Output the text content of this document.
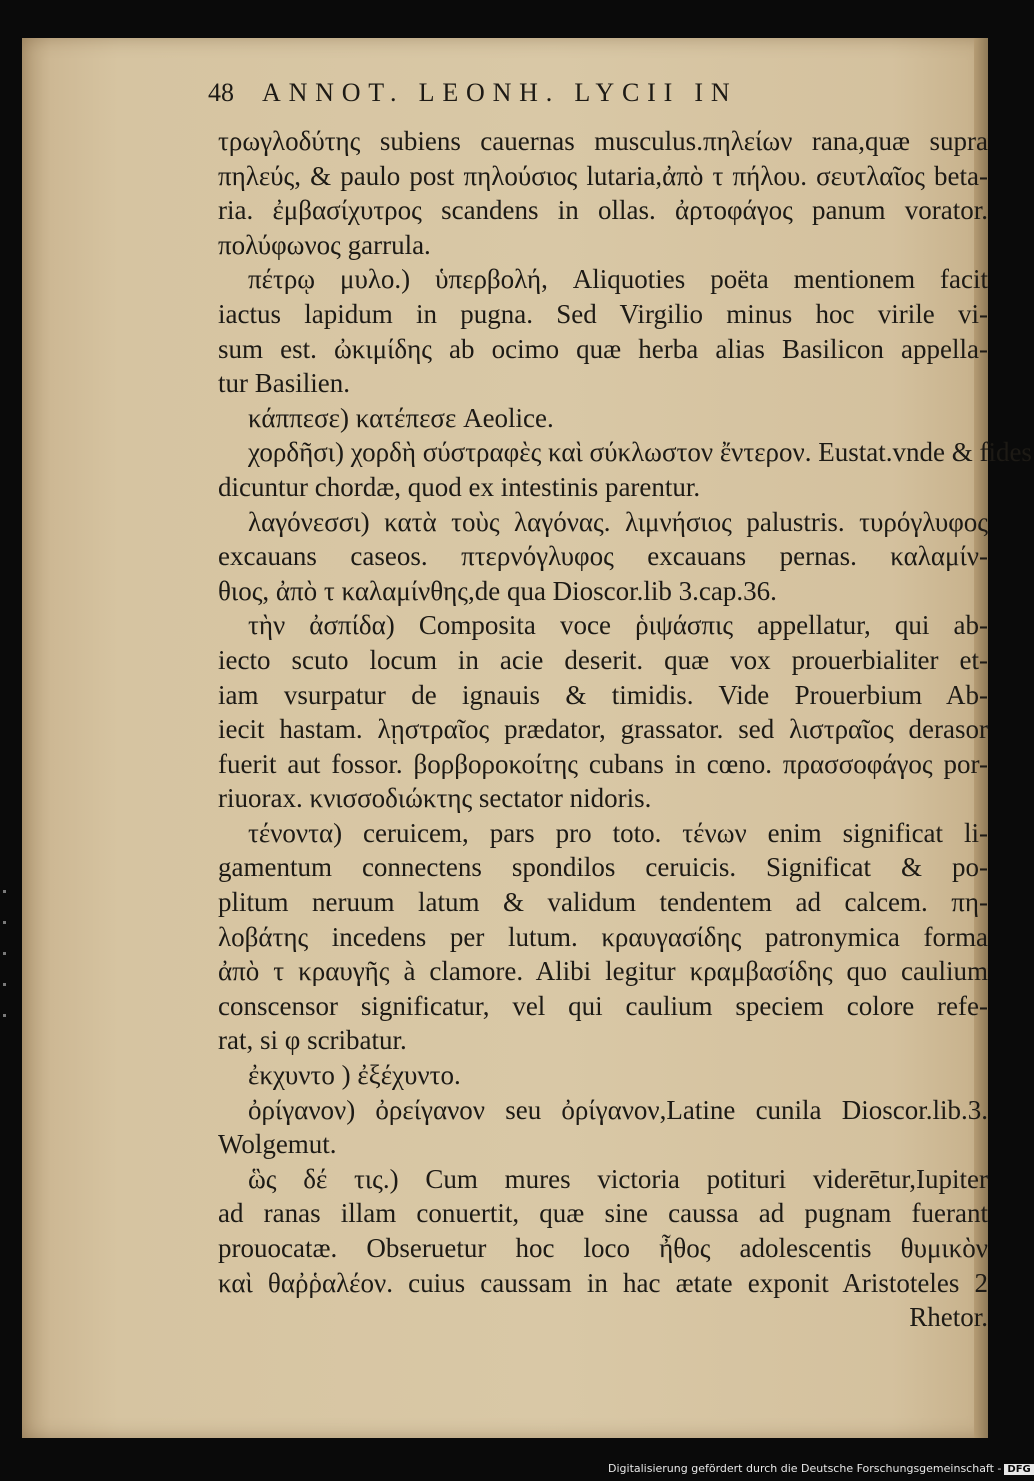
48 ANNOT. LEONH. LYCII IN
τρωγλοδύτης subiens cauernas musculus.πηλείων rana,quæ supra
πηλεύς, & paulo post πηλούσιος lutaria,ἀπὸ τ πήλου. σευτλαῖος beta-
ria. ἐμβασίχυτρος scandens in ollas. ἀρτοφάγος panum vorator.
πολύφωνος garrula.
πέτρῳ μυλο.) ὑπερβολή, Aliquoties poëta mentionem facit
iactus lapidum in pugna. Sed Virgilio minus hoc virile vi-
sum est. ὠκιμίδης ab ocimo quæ herba alias Basilicon appella-
tur Basilien.
κάππεσε) κατέπεσε Aeolice.
χορδῆσι) χορδὴ σύστραφὲς καὶ σύκλωστον ἔντερον. Eustat.vnde & fides
dicuntur chordæ, quod ex intestinis parentur.
λαγόνεσσι) κατὰ τοὺς λαγόνας. λιμνήσιος palustris. τυρόγλυφος
excauans caseos. πτερνόγλυφος excauans pernas. καλαμίν-
θιος, ἀπὸ τ καλαμίνθης,de qua Dioscor.lib 3.cap.36.
τὴν ἀσπίδα) Composita voce ῥιψάσπις appellatur, qui ab-
iecto scuto locum in acie deserit. quæ vox prouerbialiter et-
iam vsurpatur de ignauis & timidis. Vide Prouerbium Ab-
iecit hastam. λῃστραῖος prædator, grassator. sed λιστραῖος derasor
fuerit aut fossor. βορβοροκοίτης cubans in cœno. πρασσοφάγος por-
riuorax. κνισσοδιώκτης sectator nidoris.
τένοντα) ceruicem, pars pro toto. τένων enim significat li-
gamentum connectens spondilos ceruicis. Significat & po-
plitum neruum latum & validum tendentem ad calcem. πη-
λοβάτης incedens per lutum. κραυγασίδης patronymica forma
ἀπὸ τ κραυγῆς à clamore. Alibi legitur κραμβασίδης quo caulium
conscensor significatur, vel qui caulium speciem colore refe-
rat, si φ scribatur.
ἐκχυντο ) ἐξέχυντο.
ὀρίγανον) ὀρείγανον seu ὀρίγανον,Latine cunila Dioscor.lib.3.
Wolgemut.
ὣς δέ τις.) Cum mures victoria potituri viderētur,Iupiter
ad ranas illam conuertit, quæ sine caussa ad pugnam fuerant
prouocatæ. Obseruetur hoc loco ἦθος adolescentis θυμικὸν
καὶ θαῤῥαλέον. cuius caussam in hac ætate exponit Aristoteles 2
Rhetor.
Digitalisierung gefördert durch die Deutsche Forschungsgemeinschaft - DFG
